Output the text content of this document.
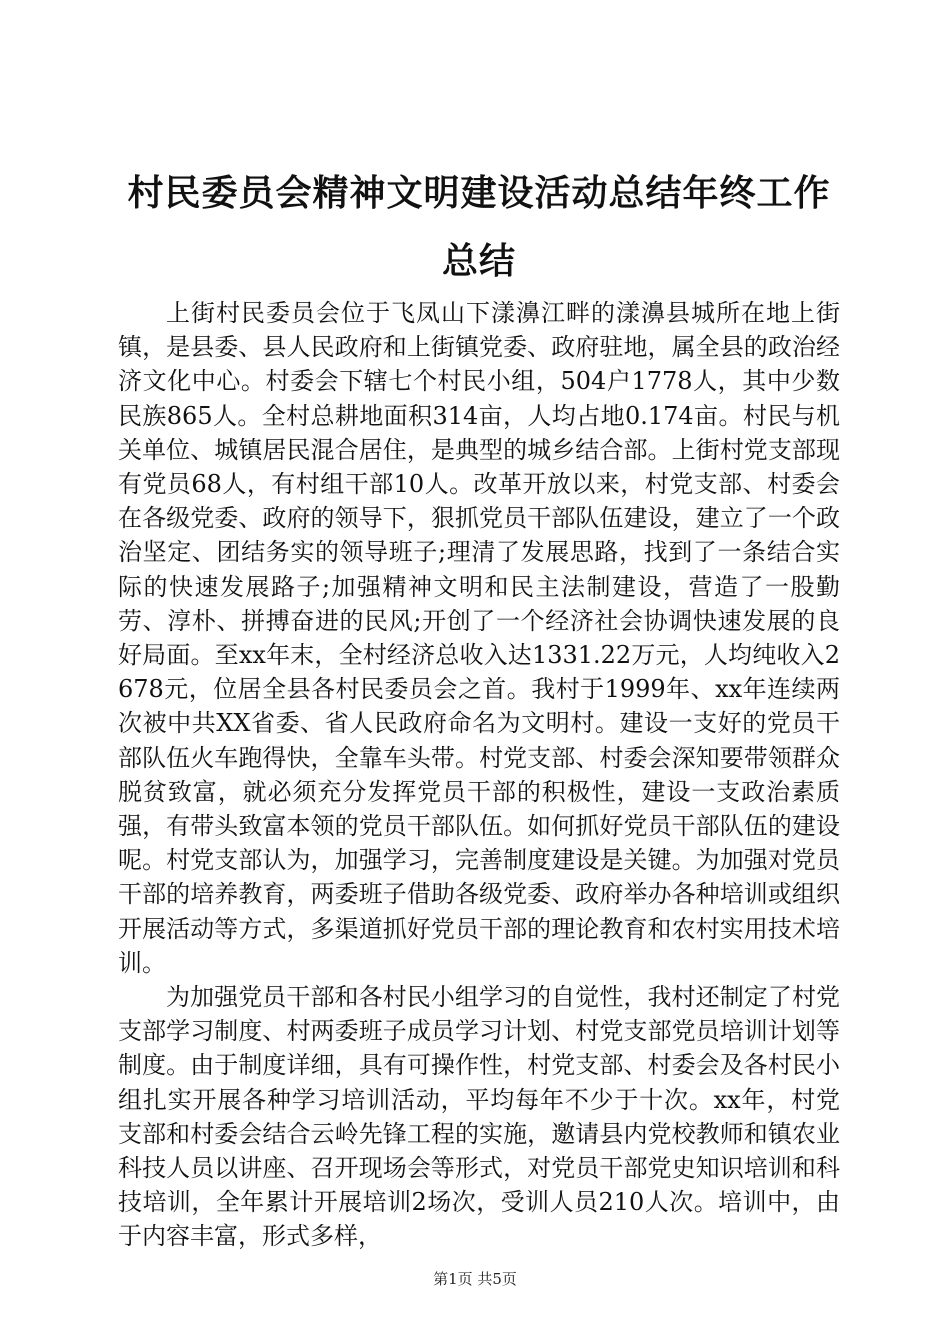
村民委员会精神文明建设活动总结年终工作总结

上街村民委员会位于飞凤山下漾濞江畔的漾濞县城所在地上街镇，是县委、县人民政府和上街镇党委、政府驻地，属全县的政治经济文化中心。村委会下辖七个村民小组，504户1778人，其中少数民族865人。全村总耕地面积314亩，人均占地0.174亩。村民与机关单位、城镇居民混合居住，是典型的城乡结合部。上街村党支部现有党员68人，有村组干部10人。改革开放以来，村党支部、村委会在各级党委、政府的领导下，狠抓党员干部队伍建设，建立了一个政治坚定、团结务实的领导班子;理清了发展思路，找到了一条结合实际的快速发展路子;加强精神文明和民主法制建设，营造了一股勤劳、淳朴、拼搏奋进的民风;开创了一个经济社会协调快速发展的良好局面。至xx年末，全村经济总收入达1331.22万元，人均纯收入2678元，位居全县各村民委员会之首。我村于1999年、xx年连续两次被中共XX省委、省人民政府命名为文明村。建设一支好的党员干部队伍火车跑得快，全靠车头带。村党支部、村委会深知要带领群众脱贫致富，就必须充分发挥党员干部的积极性，建设一支政治素质强，有带头致富本领的党员干部队伍。如何抓好党员干部队伍的建设呢。村党支部认为，加强学习，完善制度建设是关键。为加强对党员干部的培养教育，两委班子借助各级党委、政府举办各种培训或组织开展活动等方式，多渠道抓好党员干部的理论教育和农村实用技术培训。

为加强党员干部和各村民小组学习的自觉性，我村还制定了村党支部学习制度、村两委班子成员学习计划、村党支部党员培训计划等制度。由于制度详细，具有可操作性，村党支部、村委会及各村民小组扎实开展各种学习培训活动，平均每年不少于十次。xx年，村党支部和村委会结合云岭先锋工程的实施，邀请县内党校教师和镇农业科技人员以讲座、召开现场会等形式，对党员干部党史知识培训和科技培训，全年累计开展培训2场次，受训人员210人次。培训中，由于内容丰富，形式多样，

第1页 共5页
